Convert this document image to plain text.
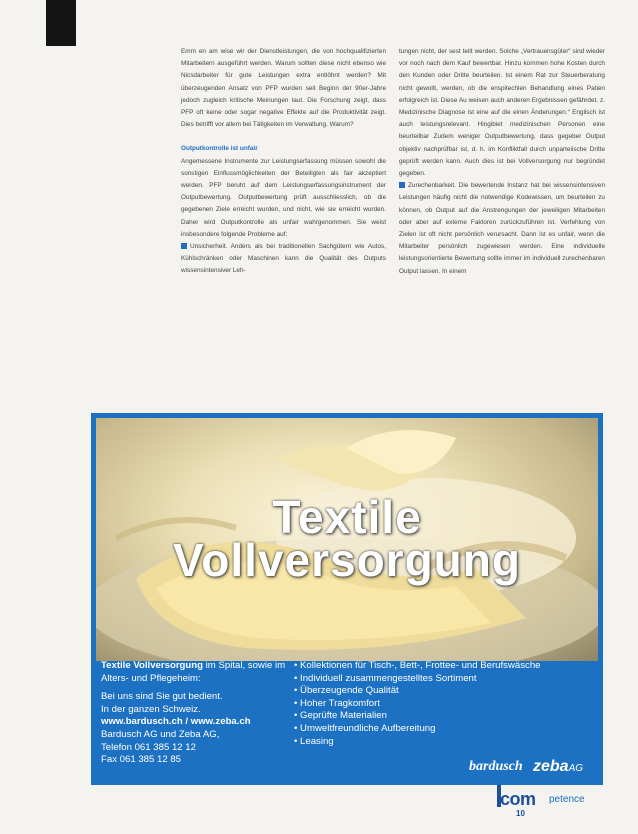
Emm en am wise wir der Dienstleistungen, die von hochqualifizierten Mitarbeitern ausgeführt werden. Warum sollten diese nicht ebenso wie Nicsdarbeiter für gute Leistungen extra entlöhnt werden? Mit überzeugenden Ansatz von PFP wurden seit Beginn der 90er-Jahre jedoch zugleich kritische Meinungen laut. Die Forschung zeigt, dass PFP oft keine oder sogar negative Effekte auf die Produktivität zeigt. Dies betrifft vor allem bei Tätigkeiten im Verwaltung. Warum?

Outputkontrolle ist unfair

Angemessene Instrumente zur Leistungserfassung müssen sowohl die sonstigen Einflussmöglichkeiten der Beteiligten als fair akzeptiert werden. PFP beruht auf dem Leistungserfassungsinstrument der Outputbewertung. Outputbewertung prüft ausschliesslich, ob die gegebenen Ziele erreicht wurden, und nicht, wie sie erreicht wurden. Daher wird Outputkontrolle als unfair wahrgenommen. Sie weist insbesondere folgende Probleme auf:

Unsicherheit. Anders als bei traditionellen Sachgütern wie Autos, Kühlschränken oder Maschinen kann die Qualität des Outputs wissensintensiver Leh-

tungen nicht, der sest teilt werden. Solche „Vertrauensgüter“ sind wieder vor noch nach dem Kauf bewertbar. Hinzu kommen hohe Kosten durch den Kunden oder Dritte beurteilen. Ist einem Rat zur Steuerberatung nicht gewollt, werden, ob die enspitechlen Behandlung eines Patien erfolgreich ist. Diese Au weisen auch anderen Ergebnissen gefährdet. z. Medizinische Diagnose ist eine auf die einen Änderungen.“ Englisch ist auch leistungsrelevant. Hingibiet medizinischen Personen eine beurteilbar Zudem weniger Outputbewertung, dass gegeber Output objektiv nachprüfbar ist, d. h. im Konfliktfall durch unparteiische Dritte geprüft werden kann. Auch dies ist bei Vollversorgung nur begründet gegeben.

Zurechenbarkeit. Die bewertende Instanz hat bei wissensintensiven Leistungen häufig nicht die notwendige Kodewissen, um beurteilen zu können, ob Output auf die Anstrengungen der jeweiligen Mitarbeiten oder aber auf externe Faktoren zurückzuführen ist. Verfehlung von Zielen ist oft nicht persönlich verursacht. Dann ist es unfair, wenn die Mitarbeiter persönlich zugewiesen werden. Eine individuelle leistungsorientierte Bewertung sollte immer im individuell zurechenbaren Output lassen. In einem

Textile
Vollversorgung

Textile Vollversorgung im Spital, sowie im Alters- und Pflegeheim:

Bei uns sind Sie gut bedient.

In der ganzen Schweiz.

www.bardusch.ch / www.zeba.ch

Bardusch AG und Zeba AG,

Telefon 061 385 12 12

Fax 061 385 12 85

• Kollektionen für Tisch-, Bett-, Frottee- und Berufswäsche
• Individuell zusammengestelltes Sortiment
• Überzeugende Qualität
• Hoher Tragkomfort
• Geprüfte Materialien
• Umweltfreundliche Aufbereitung
• Leasing
bardusch zebaAG
com petence
10
